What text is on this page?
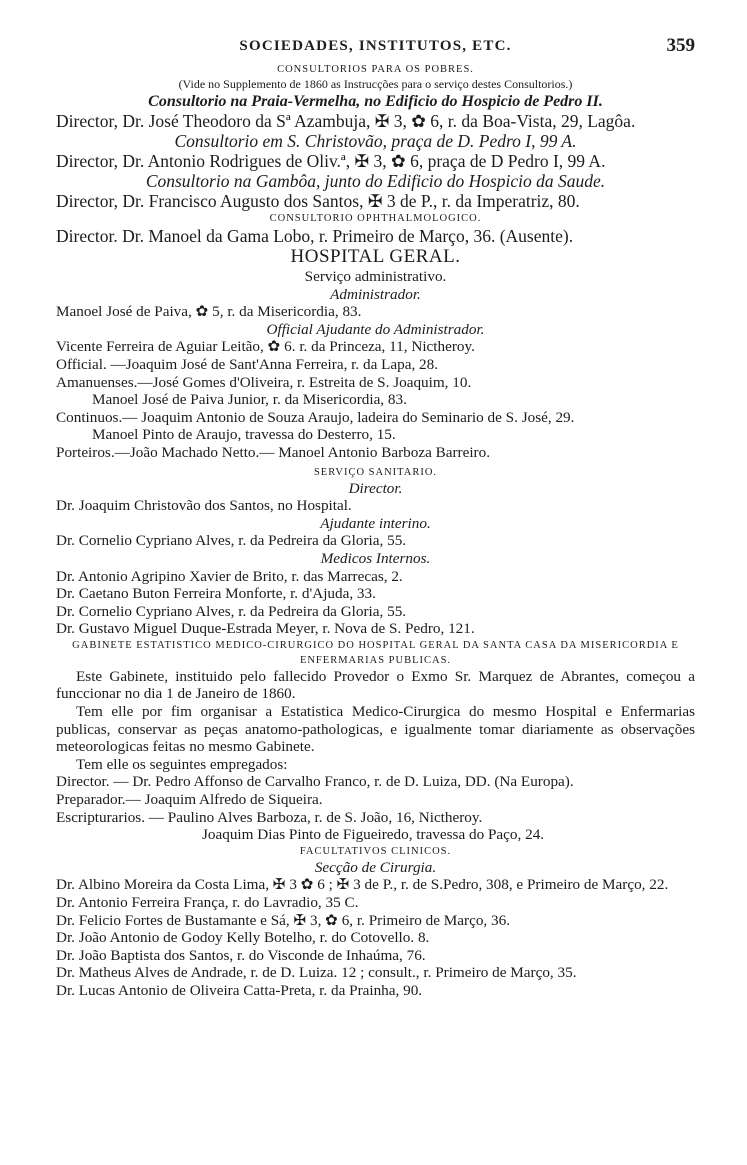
SOCIEDADES, INSTITUTOS, ETC.	359
CONSULTORIOS PARA OS POBRES.
(Vide no Supplemento de 1860 as Instrucções para o serviço destes Consultorios.)
Consultorio na Praia-Vermelha, no Edificio do Hospicio de Pedro II.
Director, Dr. José Theodoro da Sª Azambuja, ✠ 3, ✿ 6, r. da Boa-Vista, 29, Lagôa.
Consultorio em S. Christovão, praça de D. Pedro I, 99 A.
Director, Dr. Antonio Rodrigues de Oliv.ª, ✠ 3, ✿ 6, praça de D Pedro I, 99 A.
Consultorio na Gambôa, junto do Edificio do Hospicio da Saude.
Director, Dr. Francisco Augusto dos Santos, ✠ 3 de P., r. da Imperatriz, 80.
CONSULTORIO OPHTHALMOLOGICO.
Director. Dr. Manoel da Gama Lobo, r. Primeiro de Março, 36. (Ausente).
HOSPITAL GERAL.
Serviço administrativo.
Administrador.
Manoel José de Paiva, ✿ 5, r. da Misericordia, 83.
Official Ajudante do Administrador.
Vicente Ferreira de Aguiar Leitão, ✿ 6. r. da Princeza, 11, Nictheroy.
Official. —Joaquim José de Sant'Anna Ferreira, r. da Lapa, 28.
Amanuenses.—José Gomes d'Oliveira, r. Estreita de S. Joaquim, 10.
Manoel José de Paiva Junior, r. da Misericordia, 83.
Continuos.— Joaquim Antonio de Souza Araujo, ladeira do Seminario de S. José, 29.
Manoel Pinto de Araujo, travessa do Desterro, 15.
Porteiros.—João Machado Netto.— Manoel Antonio Barboza Barreiro.
SERVIÇO SANITARIO.
Director.
Dr. Joaquim Christovão dos Santos, no Hospital.
Ajudante interino.
Dr. Cornelio Cypriano Alves, r. da Pedreira da Gloria, 55.
Medicos Internos.
Dr. Antonio Agripino Xavier de Brito, r. das Marrecas, 2.
Dr. Caetano Buton Ferreira Monforte, r. d'Ajuda, 33.
Dr. Cornelio Cypriano Alves, r. da Pedreira da Gloria, 55.
Dr. Gustavo Miguel Duque-Estrada Meyer, r. Nova de S. Pedro, 121.
GABINETE ESTATISTICO MEDICO-CIRURGICO DO HOSPITAL GERAL DA SANTA CASA DA MISERICORDIA E ENFERMARIAS PUBLICAS.

Este Gabinete, instituido pelo fallecido Provedor o Exmo Sr. Marquez de Abrantes, começou a funccionar no dia 1 de Janeiro de 1860.

Tem elle por fim organisar a Estatistica Medico-Cirurgica do mesmo Hospital e Enfermarias publicas, conservar as peças anatomo-pathologicas, e igualmente tomar diariamente as observações meteorologicas feitas no mesmo Gabinete.

Tem elle os seguintes empregados:

Director. — Dr. Pedro Affonso de Carvalho Franco, r. de D. Luiza, DD. (Na Europa).
Preparador.— Joaquim Alfredo de Siqueira.
Escripturarios. — Paulino Alves Barboza, r. de S. João, 16, Nictheroy.
Joaquim Dias Pinto de Figueiredo, travessa do Paço, 24.
FACULTATIVOS CLINICOS.
Secção de Cirurgia.
Dr. Albino Moreira da Costa Lima, ✠ 3 ✿ 6 ; ✠ 3 de P., r. de S.Pedro, 308, e Primeiro de Março, 22.
Dr. Antonio Ferreira França, r. do Lavradio, 35 C.
Dr. Felicio Fortes de Bustamante e Sá, ✠ 3, ✿ 6, r. Primeiro de Março, 36.
Dr. João Antonio de Godoy Kelly Botelho, r. do Cotovello. 8.
Dr. João Baptista dos Santos, r. do Visconde de Inhaúma, 76.
Dr. Matheus Alves de Andrade, r. de D. Luiza. 12 ; consult., r. Primeiro de Março, 35.
Dr. Lucas Antonio de Oliveira Catta-Preta, r. da Prainha, 90.
